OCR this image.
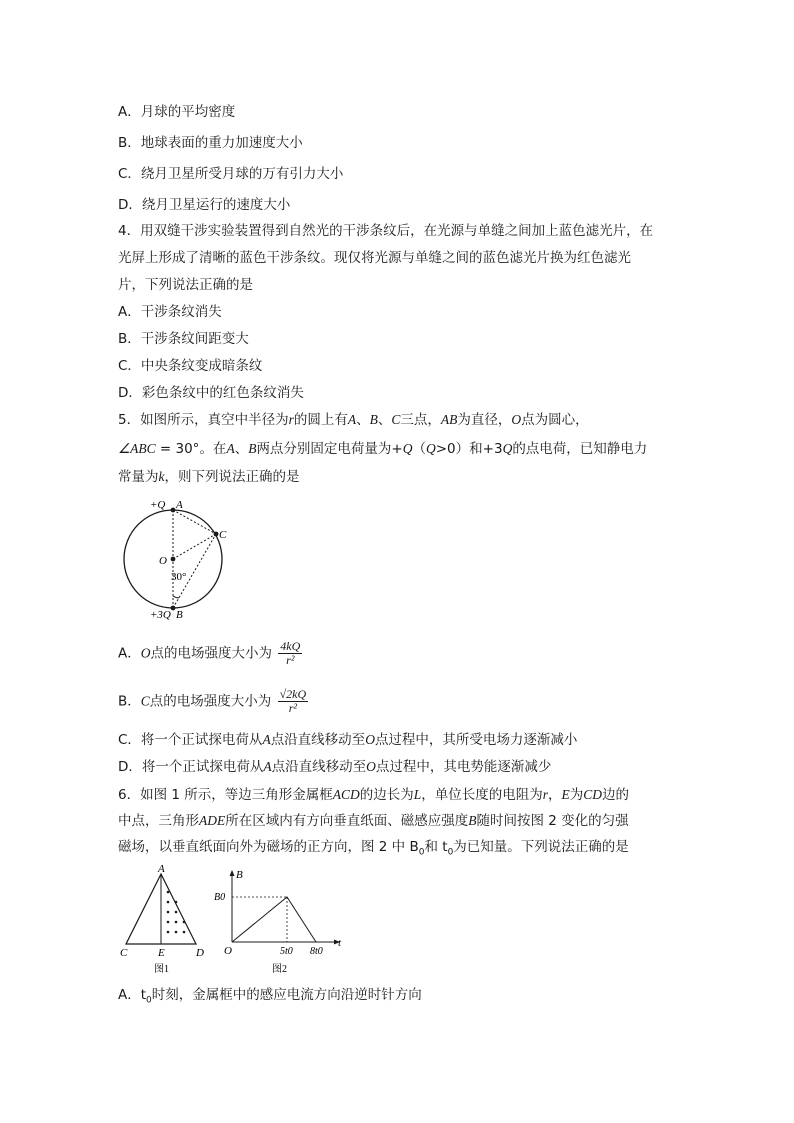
A．月球的平均密度
B．地球表面的重力加速度大小
C．绕月卫星所受月球的万有引力大小
D．绕月卫星运行的速度大小
4．用双缝干涉实验装置得到自然光的干涉条纹后，在光源与单缝之间加上蓝色滤光片，在
光屏上形成了清晰的蓝色干涉条纹。现仅将光源与单缝之间的蓝色滤光片换为红色滤光
片，下列说法正确的是
A．干涉条纹消失
B．干涉条纹间距变大
C．中央条纹变成暗条纹
D．彩色条纹中的红色条纹消失
5．如图所示，真空中半径为r的圆上有A、B、C三点，AB为直径，O点为圆心，
∠ABC = 30°。在A、B两点分别固定电荷量为+Q（Q>0）和+3Q的点电荷，已知静电力
常量为k，则下列说法正确的是
+Q A
C
O
30°
+3Q B
A．O点的电场强度大小为 $\frac{4kQ}{\text{r²}}$
B．C点的电场强度大小为 $\frac{√2kQ}{\text{r²}}$
C．将一个正试探电荷从A点沿直线移动至O点过程中，其所受电场力逐渐减小
D．将一个正试探电荷从A点沿直线移动至O点过程中，其电势能逐渐减少
6．如图 1 所示，等边三角形金属框ACD的边长为L，单位长度的电阻为r，E为CD边的
中点，三角形ADE所在区域内有方向垂直纸面、磁感应强度B随时间按图 2 变化的匀强
磁场，以垂直纸面向外为磁场的正方向，图 2 中 $B_0$和 $t_0$为已知量。下列说法正确的是
A
C	E	D
图1
B
B0
O	5t0 8t0
t
图2
A．$t_0$时刻，金属框中的感应电流方向沿逆时针方向
